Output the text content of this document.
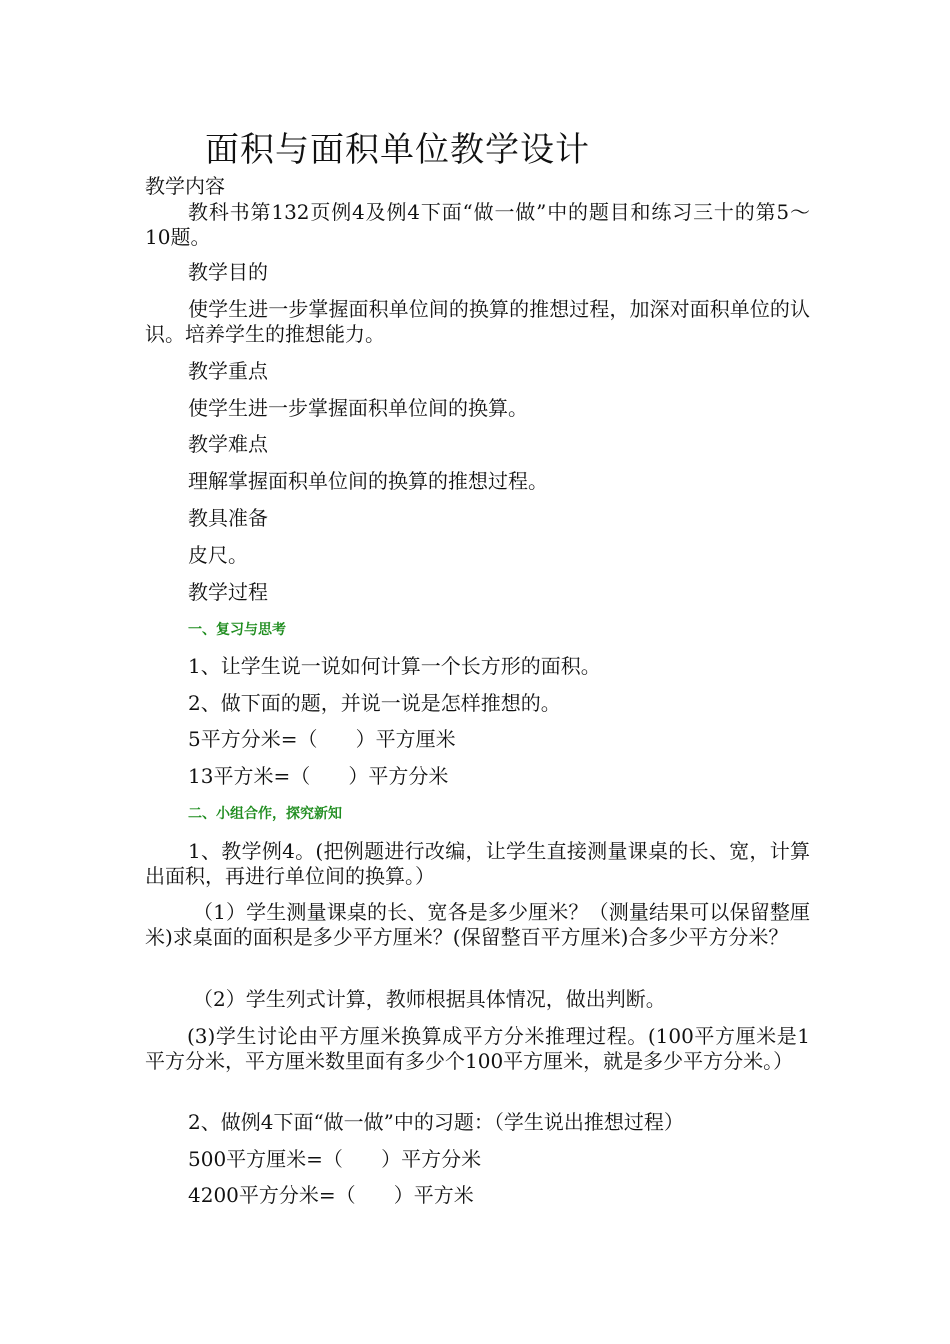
面积与面积单位教学设计
教学内容
教科书第132页例4及例4下面“做一做”中的题目和练习三十的第5～10题。
教学目的
使学生进一步掌握面积单位间的换算的推想过程，加深对面积单位的认识。培养学生的推想能力。
教学重点
使学生进一步掌握面积单位间的换算。
教学难点
理解掌握面积单位间的换算的推想过程。
教具准备
皮尺。
教学过程
一、复习与思考
1、让学生说一说如何计算一个长方形的面积。
2、做下面的题，并说一说是怎样推想的。
5平方分米=（      ）平方厘米
13平方米=（      ）平方分米
二、小组合作，探究新知
1、教学例4。(把例题进行改编，让学生直接测量课桌的长、宽，计算出面积，再进行单位间的换算。）
（1）学生测量课桌的长、宽各是多少厘米？（测量结果可以保留整厘米)求桌面的面积是多少平方厘米？(保留整百平方厘米)合多少平方分米？
（2）学生列式计算，教师根据具体情况，做出判断。
(3)学生讨论由平方厘米换算成平方分米推理过程。(100平方厘米是1平方分米，平方厘米数里面有多少个100平方厘米，就是多少平方分米。）
2、做例4下面“做一做”中的习题：（学生说出推想过程）
500平方厘米=（      ）平方分米
4200平方分米=（      ）平方米
